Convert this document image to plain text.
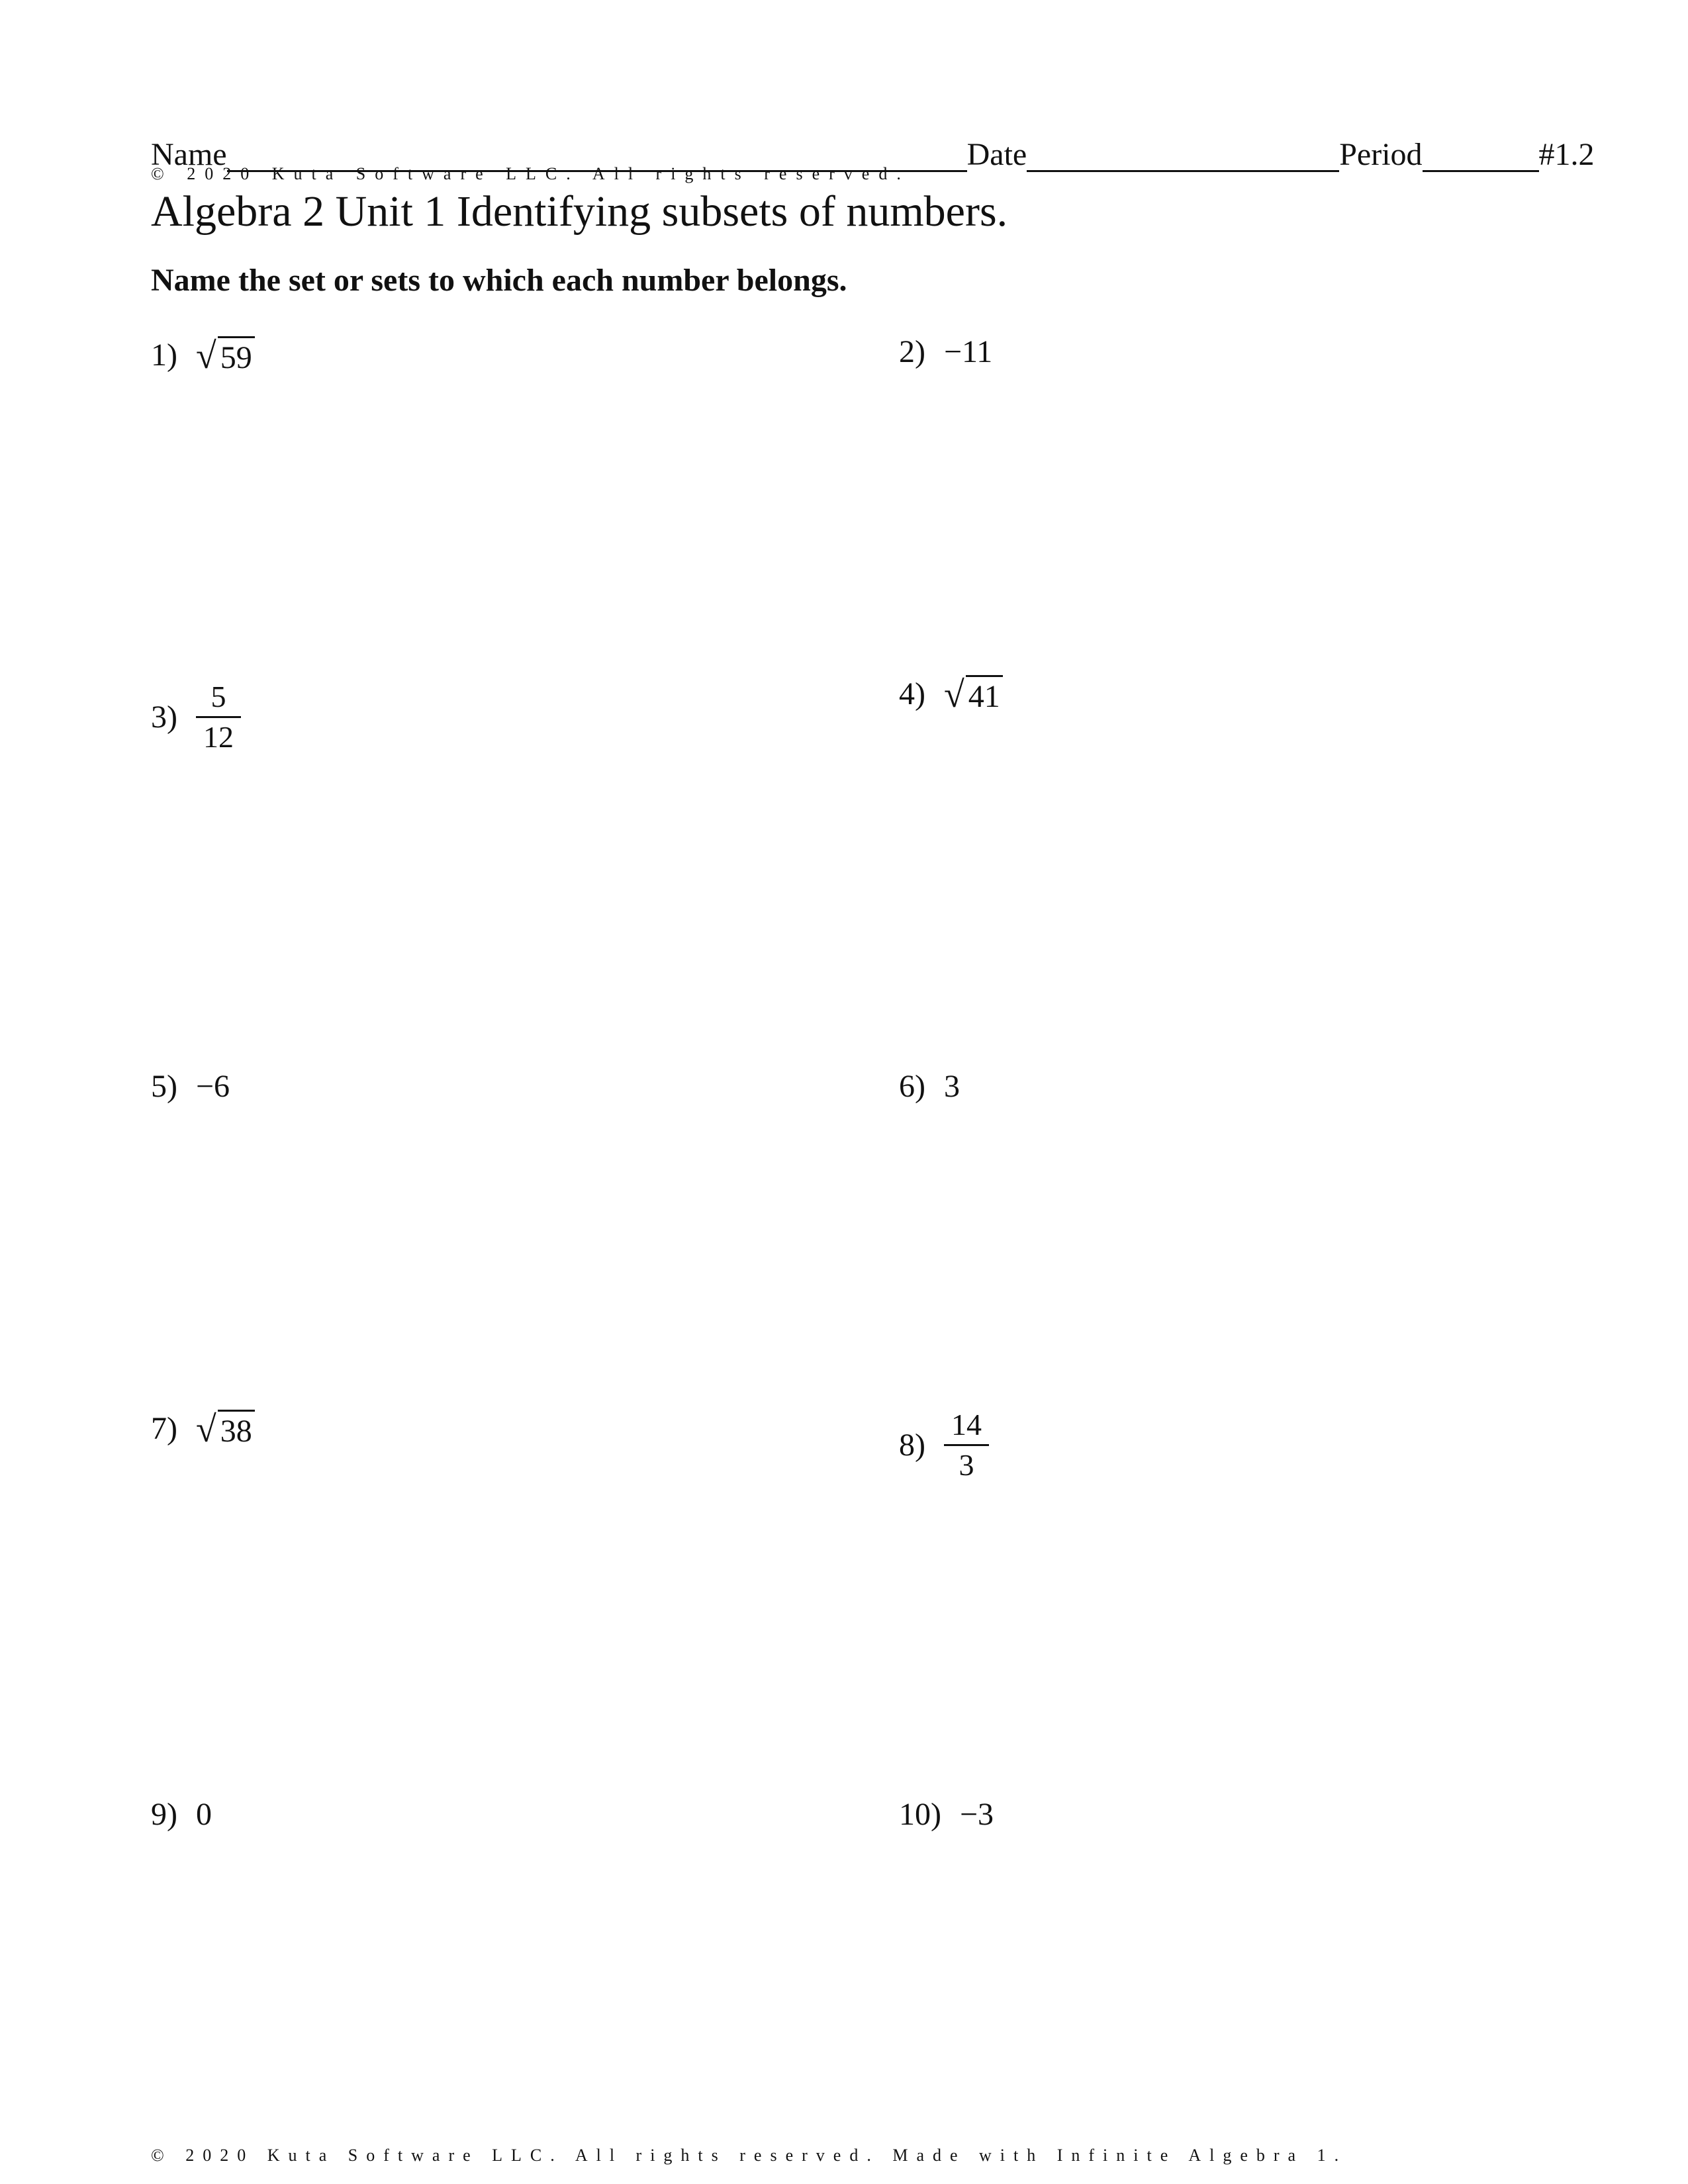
Name	Date	Period	#1.2
© 2020 Kuta Software LLC. All rights reserved.
Algebra 2 Unit 1 Identifying subsets of numbers.
Name the set or sets to which each number belongs.
1) √ 59	2) −11
$3) \frac{5}{12}$	4) √ 41
5) −6	6) 3
7) √ 38	$8) \frac{14}{3}$
9) 0	10) −3
© 2020 Kuta Software LLC. All rights reserved. Made with Infinite Algebra 1.
